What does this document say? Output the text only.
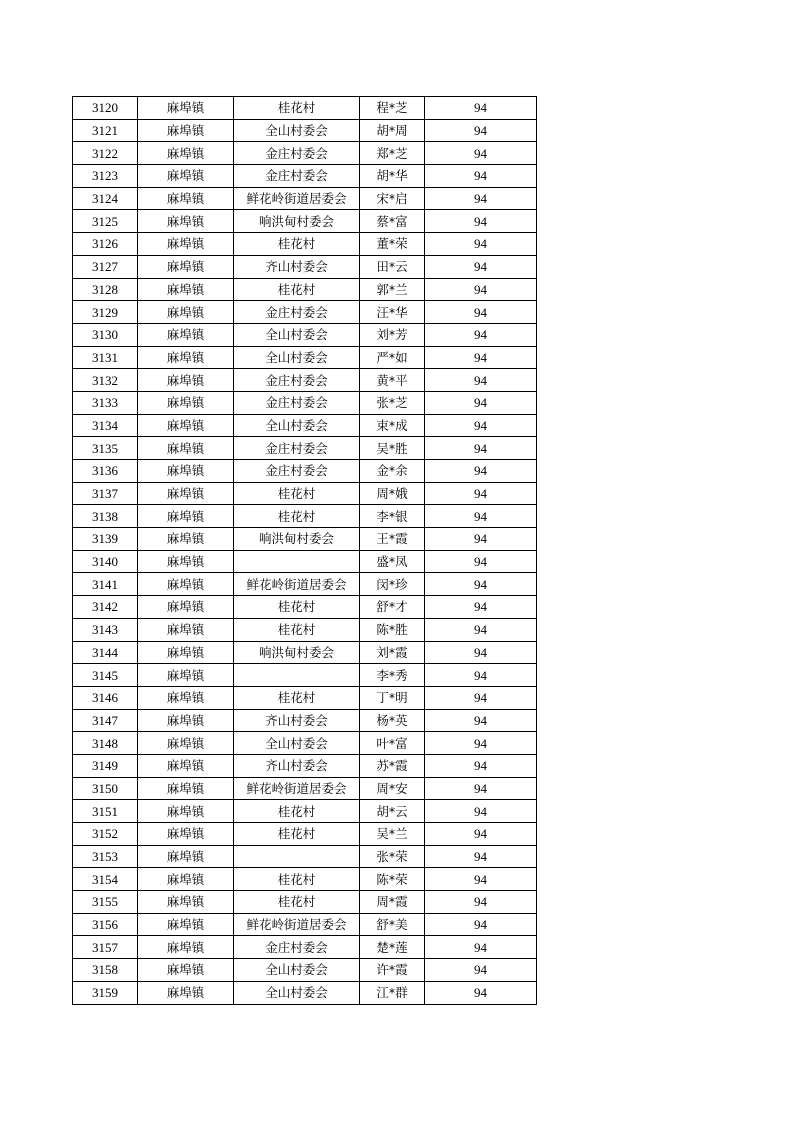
3120	麻埠镇	桂花村	程*芝	94
3121	麻埠镇	全山村委会	胡*周	94
3122	麻埠镇	金庄村委会	郑*芝	94
3123	麻埠镇	金庄村委会	胡*华	94
3124	麻埠镇	鲜花岭街道居委会	宋*启	94
3125	麻埠镇	响洪甸村委会	蔡*富	94
3126	麻埠镇	桂花村	董*荣	94
3127	麻埠镇	齐山村委会	田*云	94
3128	麻埠镇	桂花村	郭*兰	94
3129	麻埠镇	金庄村委会	汪*华	94
3130	麻埠镇	全山村委会	刘*芳	94
3131	麻埠镇	全山村委会	严*如	94
3132	麻埠镇	金庄村委会	黄*平	94
3133	麻埠镇	金庄村委会	张*芝	94
3134	麻埠镇	全山村委会	束*成	94
3135	麻埠镇	金庄村委会	吴*胜	94
3136	麻埠镇	金庄村委会	金*余	94
3137	麻埠镇	桂花村	周*娥	94
3138	麻埠镇	桂花村	李*银	94
3139	麻埠镇	响洪甸村委会	王*霞	94
3140	麻埠镇		盛*凤	94
3141	麻埠镇	鲜花岭街道居委会	闵*珍	94
3142	麻埠镇	桂花村	舒*才	94
3143	麻埠镇	桂花村	陈*胜	94
3144	麻埠镇	响洪甸村委会	刘*霞	94
3145	麻埠镇		李*秀	94
3146	麻埠镇	桂花村	丁*明	94
3147	麻埠镇	齐山村委会	杨*英	94
3148	麻埠镇	全山村委会	叶*富	94
3149	麻埠镇	齐山村委会	苏*霞	94
3150	麻埠镇	鲜花岭街道居委会	周*安	94
3151	麻埠镇	桂花村	胡*云	94
3152	麻埠镇	桂花村	吴*兰	94
3153	麻埠镇		张*荣	94
3154	麻埠镇	桂花村	陈*荣	94
3155	麻埠镇	桂花村	周*霞	94
3156	麻埠镇	鲜花岭街道居委会	舒*美	94
3157	麻埠镇	金庄村委会	楚*莲	94
3158	麻埠镇	全山村委会	许*霞	94
3159	麻埠镇	全山村委会	江*群	94
